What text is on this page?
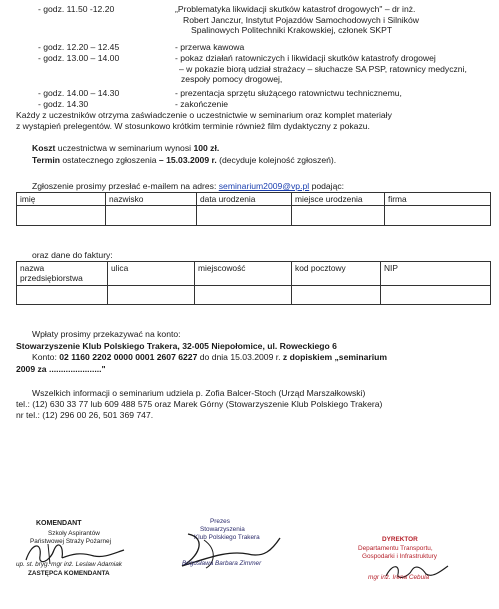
- godz. 11.50 -12.20	„Problematyka likwidacji skutków katastrof drogowych" – dr inż.
Robert Janczur, Instytut Pojazdów Samochodowych i Silników
Spalinowych Politechniki Krakowskiej, członek SKPT
- godz. 12.20 – 12.45	- przerwa kawowa
- godz. 13.00 – 14.00	- pokaz działań ratowniczych i likwidacji skutków katastrofy drogowej
– w pokazie biorą udział strażacy – słuchacze SA PSP, ratownicy medyczni,
zespoły pomocy drogowej,
- godz. 14.00 – 14.30	- prezentacja sprzętu służącego ratownictwu technicznemu,
- godz. 14.30	- zakończenie
Każdy z uczestników otrzyma zaświadczenie o uczestnictwie w seminarium oraz komplet materiały
z wystąpień prelegentów. W stosunkowo krótkim terminie również film dydaktyczny z pokazu.
Koszt uczestnictwa w seminarium wynosi 100 zł.
Termin ostatecznego zgłoszenia – 15.03.2009 r. (decyduje kolejność zgłoszeń).
Zgłoszenie prosimy przesłać e-mailem na adres: seminarium2009@vp.pl podając:
imię	nazwisko	data urodzenia	miejsce urodzenia	firma

oraz dane do faktury:
nazwa przedsiębiorstwa	ulica	miejscowość	kod pocztowy	NIP

Wpłaty prosimy przekazywać na konto:
Stowarzyszenie Klub Polskiego Trakera, 32-005 Niepołomice, ul. Roweckiego 6
Konto: 02 1160 2202 0000 0001 2607 6227 do dnia 15.03.2009 r. z dopiskiem „seminarium
2009 za ......................"
Wszelkich informacji o seminarium udziela p. Zofia Balcer-Stoch (Urząd Marszałkowski)
tel.: (12) 630 33 77 lub 609 488 575 oraz Marek Górny (Stowarzyszenie Klub Polskiego Trakera)
nr tel.: (12) 296 00 26, 501 369 747.
KOMENDANT
Szkoły Aspirantów
Państwowej Straży Pożarnej
up. st. bryg. mgr inż. Leslaw Adamiak
ZASTĘPCA KOMENDANTA
Prezes
Stowarzyszenia
Klub Polskiego Trakera
Bogusława Barbara Zimmer
DYREKTOR
Departamentu Transportu,
Gospodarki i Infrastruktury
mgr inż. Irena Cebula
